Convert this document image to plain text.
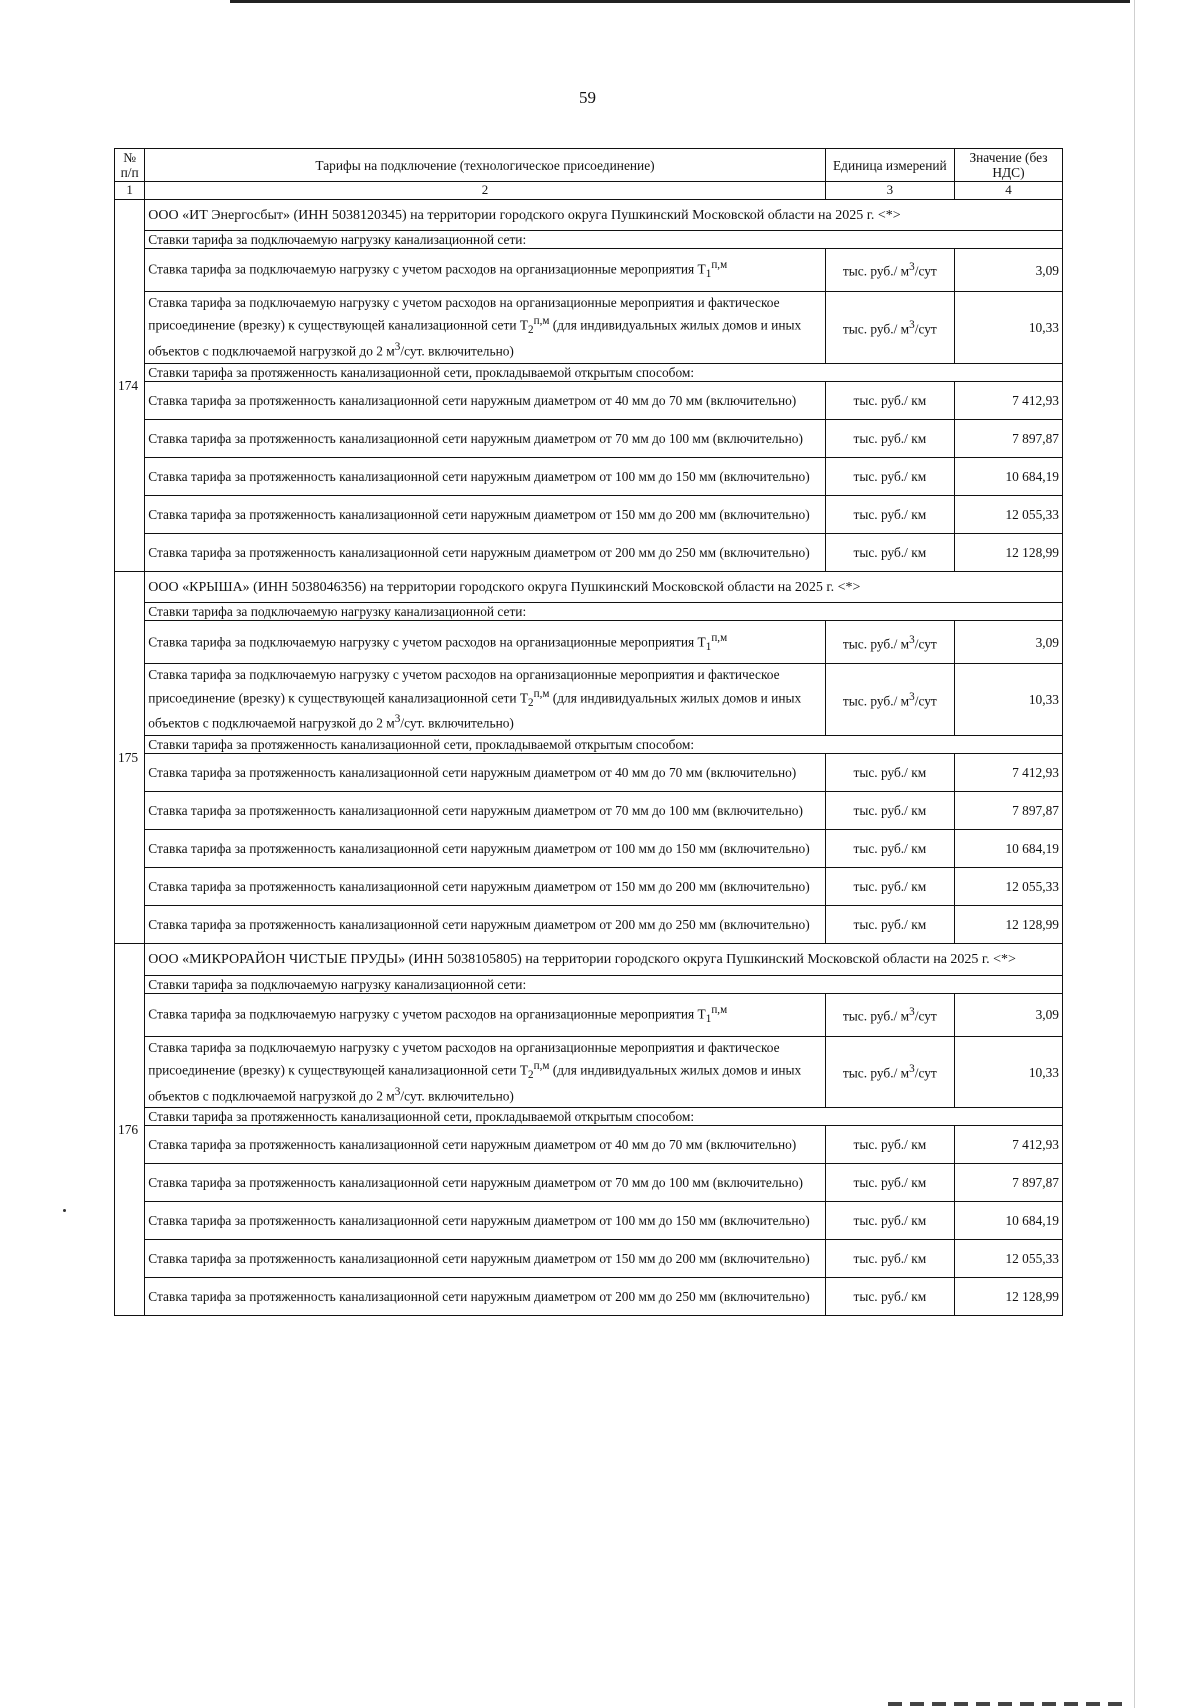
59
№ п/п	Тарифы на подключение (технологическое присоединение)	Единица измерений	Значение (без НДС)
1	2	3	4
174	ООО «ИТ Энергосбыт» (ИНН 5038120345) на территории городского округа Пушкинский Московской области на 2025 г. <*>		
	Ставки тарифа за подключаемую нагрузку канализационной сети:		
	Ставка тарифа за подключаемую нагрузку с учетом расходов на организационные мероприятия $T_1^{п,м}$	тыс. руб./ $м^3$/сут	3,09
	Ставка тарифа за подключаемую нагрузку с учетом расходов на организационные мероприятия и фактическое присоединение (врезку) к существующей канализационной сети $T_2^{п,м}$ (для индивидуальных жилых домов и иных объектов с подключаемой нагрузкой до 2 $м^3$/сут. включительно)	тыс. руб./ $м^3$/сут	10,33
	Ставки тарифа за протяженность канализационной сети, прокладываемой открытым способом:		
	Ставка тарифа за протяженность канализационной сети наружным диаметром от 40 мм до 70 мм (включительно)	тыс. руб./ км	7 412,93
	Ставка тарифа за протяженность канализационной сети наружным диаметром от 70 мм до 100 мм (включительно)	тыс. руб./ км	7 897,87
	Ставка тарифа за протяженность канализационной сети наружным диаметром от 100 мм до 150 мм (включительно)	тыс. руб./ км	10 684,19
	Ставка тарифа за протяженность канализационной сети наружным диаметром от 150 мм до 200 мм (включительно)	тыс. руб./ км	12 055,33
	Ставка тарифа за протяженность канализационной сети наружным диаметром от 200 мм до 250 мм (включительно)	тыс. руб./ км	12 128,99
175	ООО «КРЫША» (ИНН 5038046356) на территории городского округа Пушкинский Московской области на 2025 г. <*>		
	Ставки тарифа за подключаемую нагрузку канализационной сети:		
	Ставка тарифа за подключаемую нагрузку с учетом расходов на организационные мероприятия $T_1^{п,м}$	тыс. руб./ $м^3$/сут	3,09
	Ставка тарифа за подключаемую нагрузку с учетом расходов на организационные мероприятия и фактическое присоединение (врезку) к существующей канализационной сети $T_2^{п,м}$ (для индивидуальных жилых домов и иных объектов с подключаемой нагрузкой до 2 $м^3$/сут. включительно)	тыс. руб./ $м^3$/сут	10,33
	Ставки тарифа за протяженность канализационной сети, прокладываемой открытым способом:		
	Ставка тарифа за протяженность канализационной сети наружным диаметром от 40 мм до 70 мм (включительно)	тыс. руб./ км	7 412,93
	Ставка тарифа за протяженность канализационной сети наружным диаметром от 70 мм до 100 мм (включительно)	тыс. руб./ км	7 897,87
	Ставка тарифа за протяженность канализационной сети наружным диаметром от 100 мм до 150 мм (включительно)	тыс. руб./ км	10 684,19
	Ставка тарифа за протяженность канализационной сети наружным диаметром от 150 мм до 200 мм (включительно)	тыс. руб./ км	12 055,33
	Ставка тарифа за протяженность канализационной сети наружным диаметром от 200 мм до 250 мм (включительно)	тыс. руб./ км	12 128,99
176	ООО «МИКРОРАЙОН ЧИСТЫЕ ПРУДЫ» (ИНН 5038105805) на территории городского округа Пушкинский Московской области на 2025 г. <*>		
	Ставки тарифа за подключаемую нагрузку канализационной сети:		
	Ставка тарифа за подключаемую нагрузку с учетом расходов на организационные мероприятия $T_1^{п,м}$	тыс. руб./ $м^3$/сут	3,09
	Ставка тарифа за подключаемую нагрузку с учетом расходов на организационные мероприятия и фактическое присоединение (врезку) к существующей канализационной сети $T_2^{п,м}$ (для индивидуальных жилых домов и иных объектов с подключаемой нагрузкой до 2 $м^3$/сут. включительно)	тыс. руб./ $м^3$/сут	10,33
	Ставки тарифа за протяженность канализационной сети, прокладываемой открытым способом:		
	Ставка тарифа за протяженность канализационной сети наружным диаметром от 40 мм до 70 мм (включительно)	тыс. руб./ км	7 412,93
	Ставка тарифа за протяженность канализационной сети наружным диаметром от 70 мм до 100 мм (включительно)	тыс. руб./ км	7 897,87
	Ставка тарифа за протяженность канализационной сети наружным диаметром от 100 мм до 150 мм (включительно)	тыс. руб./ км	10 684,19
	Ставка тарифа за протяженность канализационной сети наружным диаметром от 150 мм до 200 мм (включительно)	тыс. руб./ км	12 055,33
	Ставка тарифа за протяженность канализационной сети наружным диаметром от 200 мм до 250 мм (включительно)	тыс. руб./ км	12 128,99
